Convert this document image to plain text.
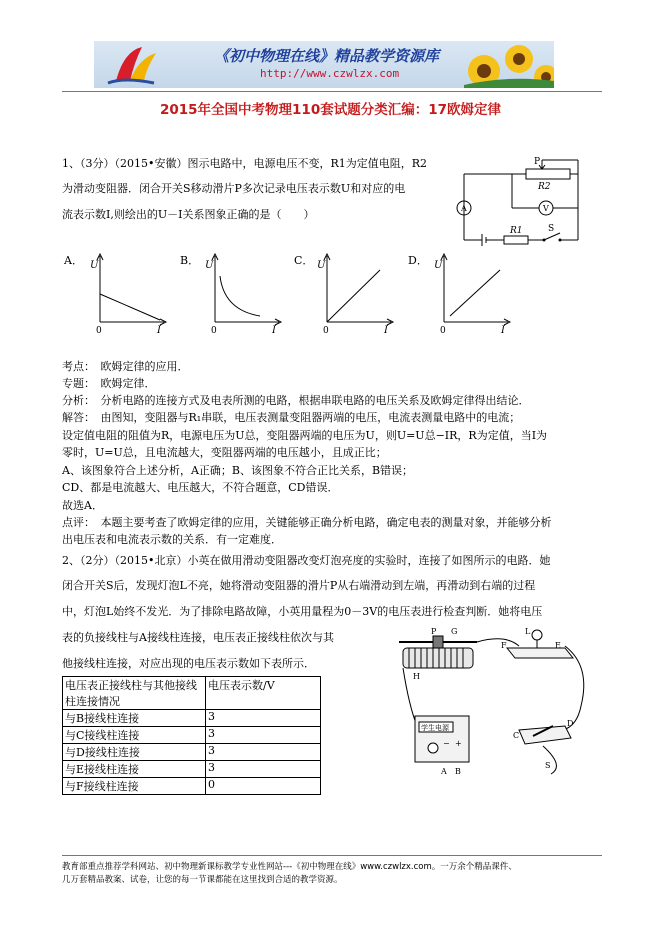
《初中物理在线》精品教学资源库
http://www.czwlzx.com
2015年全国中考物理110套试题分类汇编：17欧姆定律
1、（3分）（2015•安徽）图示电路中，电源电压不变，R1为定值电阻，R2
为滑动变阻器．闭合开关S移动滑片P多次记录电压表示数U和对应的电
流表示数I,则绘出的U－I关系图象正确的是（　　）
P
R2
A	V
R1	S
A． U
0	I
B． U
0	I
C． U
0	I
D． U
0	I
考点：　欧姆定律的应用．
专题：　欧姆定律．
分析：　分析电路的连接方式及电表所测的电路，根据串联电路的电压关系及欧姆定律得出结论．
解答：　由图知，变阻器与R₁串联，电压表测量变阻器两端的电压，电流表测量电路中的电流；
设定值电阻的阻值为R，电源电压为U总，变阻器两端的电压为U，则U=U总−IR，R为定值，当I为
零时，U=U总，且电流越大，变阻器两端的电压越小，且成正比；
A、该图象符合上述分析，A正确；B、该图象不符合正比关系，B错误；
CD、都是电流越大、电压越大，不符合题意，CD错误．
故选A．
点评：　本题主要考查了欧姆定律的应用，关键能够正确分析电路，确定电表的测量对象，并能够分析
出电压表和电流表示数的关系．有一定难度．
2、（2分）（2015•北京）小英在做用滑动变阻器改变灯泡亮度的实验时，连接了如图所示的电路．她
闭合开关S后，发现灯泡L不亮，她将滑动变阻器的滑片P从右端滑动到左端，再滑动到右端的过程
中，灯泡L始终不发光．为了排除电路故障，小英用量程为0－3V的电压表进行检查判断．她将电压
表的负接线柱与A接线柱连接，电压表正接线柱依次与其
他接线柱连接，对应出现的电压表示数如下表所示．
电压表正接线柱与其他接线柱连接情况	电压表示数/V
与B接线柱连接	3
与C接线柱连接	3
与D接线柱连接	3
与E接线柱连接	3
与F接线柱连接	0
P G
H
F
L
E
学生电源
− +
A B
C
D
S
教育部重点推荐学科网站、初中物理新课标教学专业性网站---《初中物理在线》www.czwlzx.com。一万余个精品课件、
几万套精品教案、试卷，让您的每一节课都能在这里找到合适的教学资源。
